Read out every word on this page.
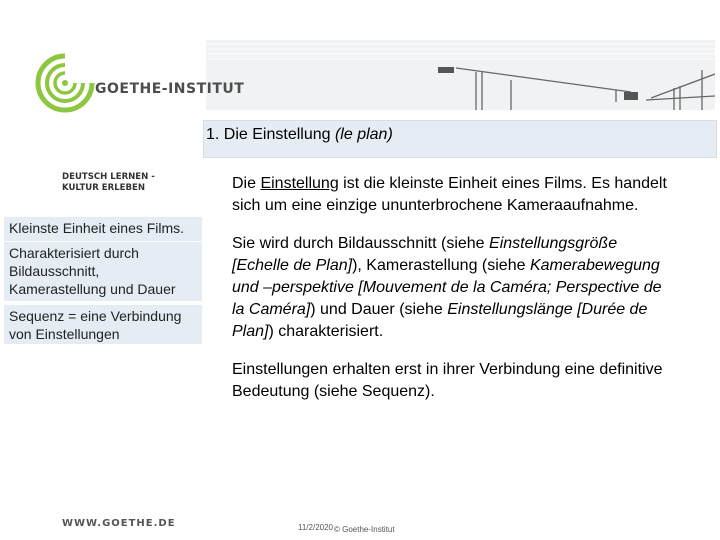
GOETHE-INSTITUT
1. Die Einstellung (le plan)
DEUTSCH LERNEN -
KULTUR ERLEBEN
Kleinste Einheit eines Films.
Charakterisiert durch Bildausschnitt, Kamerastellung und Dauer
Sequenz = eine Verbindung von Einstellungen

Die Einstellung ist die kleinste Einheit eines Films. Es handelt sich um eine einzige ununterbrochene Kameraaufnahme.

Sie wird durch Bildausschnitt (siehe Einstellungsgröße [Echelle de Plan]), Kamerastellung (siehe Kamerabewegung und –perspektive [Mouvement de la Caméra; Perspective de la Caméra]) und Dauer (siehe Einstellungslänge [Durée de Plan]) charakterisiert.

Einstellungen erhalten erst in ihrer Verbindung eine definitive Bedeutung (siehe Sequenz).

WWW.GOETHE.DE	11/2/2020 © Goethe-Institut
